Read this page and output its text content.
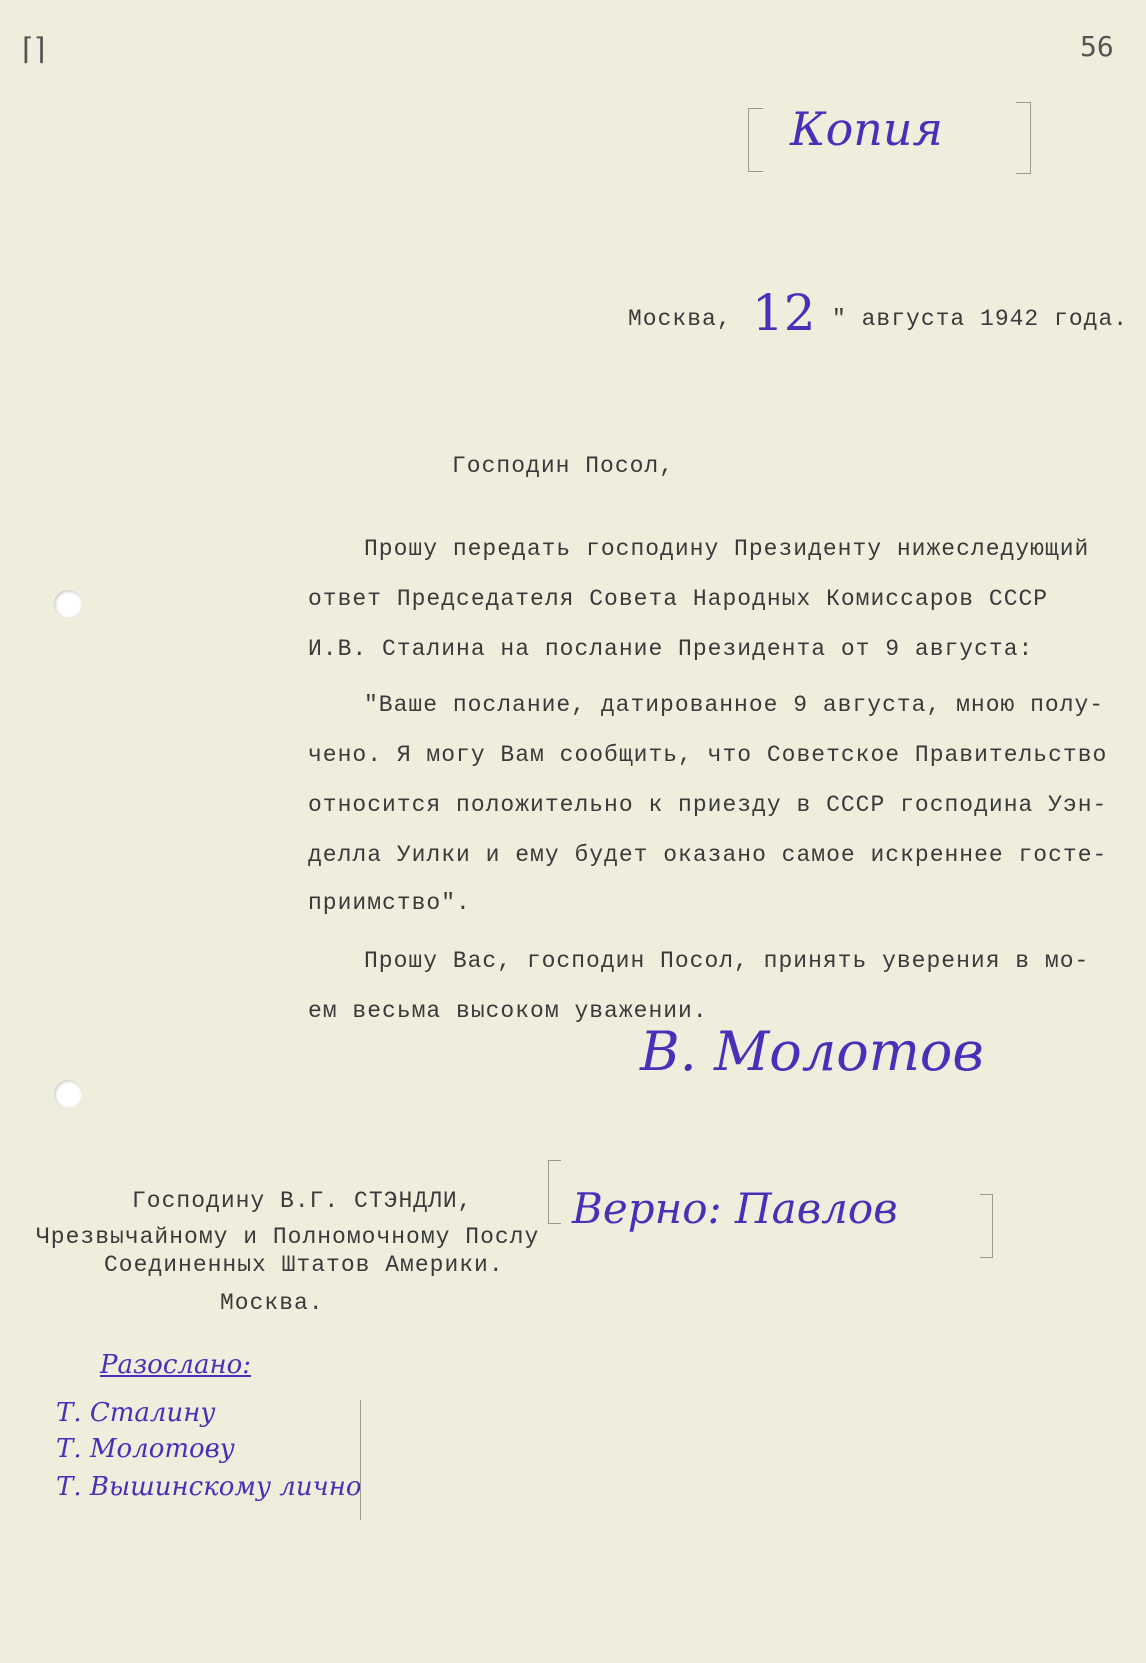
⌈⌉	56
Копия
Москва, 12 " августа 1942 года.
Господин Посол,
Прошу передать господину Президенту нижеследующий
ответ Председателя Совета Народных Комиссаров СССР
И.В. Сталина на послание Президента от 9 августа:
"Ваше послание, датированное 9 августа, мною полу-
чено. Я могу Вам сообщить, что Советское Правительство
относится положительно к приезду в СССР господина Уэн-
делла Уилки и ему будет оказано самое искреннее госте-
приимство".
Прошу Вас, господин Посол, принять уверения в мо-
ем весьма высоком уважении.
В. Молотов
Верно: Павлов
Господину В.Г. СТЭНДЛИ,
Чрезвычайному и Полномочному Послу
Соединенных Штатов Америки.
Москва.
Разослано:
Т. Сталину
Т. Молотову
Т. Вышинскому лично
